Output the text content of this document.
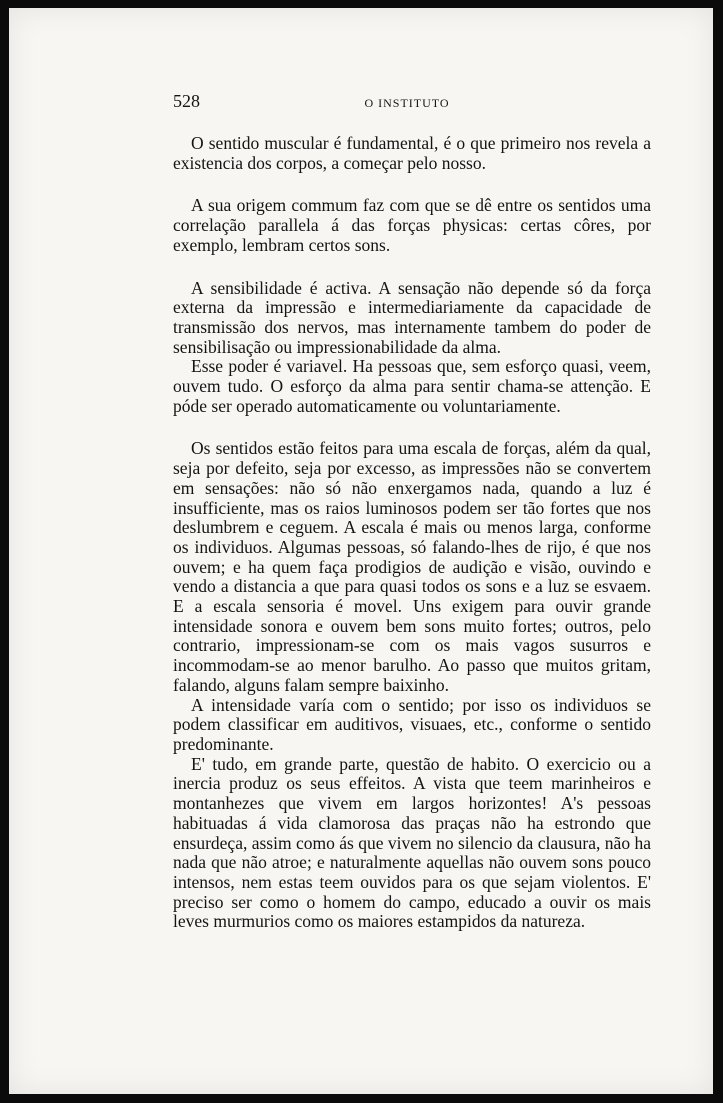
528	O INSTITUTO

O sentido muscular é fundamental, é o que primeiro nos revela a existencia dos corpos, a começar pelo nosso.

A sua origem commum faz com que se dê entre os sentidos uma correlação parallela á das forças physicas: certas côres, por exemplo, lembram certos sons.

A sensibilidade é activa. A sensação não depende só da força externa da impressão e intermediariamente da capacidade de transmissão dos nervos, mas internamente tambem do poder de sensibilisação ou impressionabilidade da alma.

Esse poder é variavel. Ha pessoas que, sem esforço quasi, veem, ouvem tudo. O esforço da alma para sentir chama-se attenção. E póde ser operado automaticamente ou voluntariamente.

Os sentidos estão feitos para uma escala de forças, além da qual, seja por defeito, seja por excesso, as impressões não se convertem em sensações: não só não enxergamos nada, quando a luz é insufficiente, mas os raios luminosos podem ser tão fortes que nos deslumbrem e ceguem. A escala é mais ou menos larga, conforme os individuos. Algumas pessoas, só falando-lhes de rijo, é que nos ouvem; e ha quem faça prodigios de audição e visão, ouvindo e vendo a distancia a que para quasi todos os sons e a luz se esvaem. E a escala sensoria é movel. Uns exigem para ouvir grande intensidade sonora e ouvem bem sons muito fortes; outros, pelo contrario, impressionam-se com os mais vagos susurros e incommodam-se ao menor barulho. Ao passo que muitos gritam, falando, alguns falam sempre baixinho.

A intensidade varía com o sentido; por isso os individuos se podem classificar em auditivos, visuaes, etc., conforme o sentido predominante.

E' tudo, em grande parte, questão de habito. O exercicio ou a inercia produz os seus effeitos. A vista que teem marinheiros e montanhezes que vivem em largos horizontes! A's pessoas habituadas á vida clamorosa das praças não ha estrondo que ensurdeça, assim como ás que vivem no silencio da clausura, não ha nada que não atroe; e naturalmente aquellas não ouvem sons pouco intensos, nem estas teem ouvidos para os que sejam violentos. E' preciso ser como o homem do campo, educado a ouvir os mais leves murmurios como os maiores estampidos da natureza.
